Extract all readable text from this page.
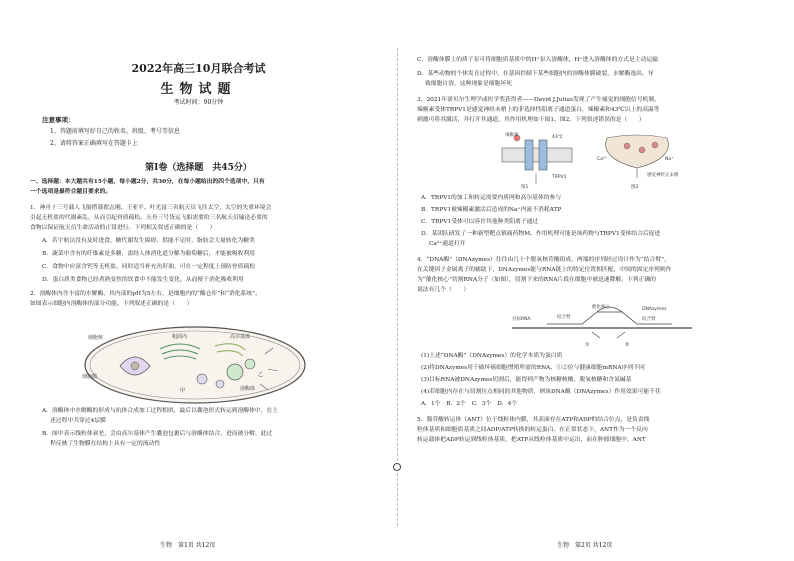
2022年高三10月联合考试
生物试题
考试时间：90分钟
注意事项：
1、答题前填写好自己的姓名、班级、考号等信息
2、请将答案正确填写在答题卡上
第Ⅰ卷（选择题　共45分）
一、选择题：本大题共有15小题，每小题2分，共30分，在每小题给出的四个选项中，只有
一个选项是最符合题目要求的。
1．神舟十三号载人飞船搭载翟志刚、王亚平、叶光富三名航天员飞往太空，太空的失重环境会
引起无机盐的代谢紊乱，从而引起骨质疏松。天舟三号货运飞船需要给三名航天员输送必要的
食物以保证航天员生命活动的正常进行。下列相关叙述正确的是（　　）
A．若宇航员没有及时进食，糖代谢发生障碍，供能不足时，脂肪会大量转化为糖类
B．蔬菜中含有的纤维素是多糖，需经人体消化道分解为葡萄糖后，才能被吸收利用
C．食物中应富含钙等无机盐，同时适当补充鱼肝油，可在一定程度上预防骨质疏松
D．蛋白质类食物已经煮熟变性的饮食中不能发生变化，从而便于消化吸收利用
2．溶酶体内含丰富的水解酶，其内部的pH为5左右，是细胞内的“酶仓库”和“消化系统”。
如图表示细胞内溶酶体的部分功能。下列叙述正确的是（　　）
细胞核
细胞膜
粗面内	高尔基体
溶酶体
甲
乙
A．溶酶体中水解酶的形成与抗体合成加工过程相似，最后以囊泡形式转运到溶酶体中，在上
述过程中共穿过4层膜
B．图中表示线粒体衰老，会由高尔基体产生囊泡包裹后与溶酶体结合，进而被分解，此过
程反映了生物膜在结构上具有一定的流动性
生物　第1页 共12页
C．溶酶体膜上的质子泵可将细胞质基质中的H⁺泵入溶酶体，H⁺进入溶酶体的方式是主动运输
D．某些动物的个体发育过程中，在基因控制下某些细胞内的溶酶体膜破裂，水解酶逸出，导
致细胞自溶，这种现象是细胞坏死
3．2021年诺贝尔生理学或医学奖获得者——David J.Julius发现了产生痛觉的细胞信号机制，
辣椒素受体TRPV1是感觉神经末梢上的非选择性阳离子通道蛋白，辣椒素和43℃以上的高温等
刺激可将其激活，并打开其通道，其作用机理如下图1、图2，下列叙述错误的是（　　）
辣椒素	43℃
TRPV1
图1
Ca²⁺	Na⁺
感觉神经元末梢
图2
A．TRPV1的加工和转运需要内质网和高尔基体的参与
B．TRPV1被辣椒素激活后造成的Na⁺内流不消耗ATP
C．TRPV1受体可以容许其他种类阳离子通过
D．某团队研发了一种新型靶点镇痛药物M，作用机理可能是该药物与TRPV1受体结合后促进
Ca²⁺通道打开
4．“DNA酶”（DNAzymes）往往由几十个脱氧核苷酸组成，两端的序列经过设计作为“结合臂”，
在关键因子金属离子的辅助下，DNAzymes能与RNA链上的特定位置相匹配，中间的固定序列则作
为“催化核心”切割RNA分子（如图），切割下来的RNA片段在细胞中被迅速降解。下列正确的
说法有几个（　　）
目标RNA	结合臂
DNAzymes
催化核心
结合臂
①	②
(1)上述“DNA酶”（DNAzymes）的化学本质为蛋白质
(2)将DNAzymes用于破坏癌细胞增殖所需的RNA，①②位与健康细胞mRNA序列不同
(3)目标RNA被DNAzymes切割后，能得到产物为核糖核酸、脱氧核糖和含氮碱基
(4)若细胞内存在与切割位点相同的其他物质，则该DNA酶（DNAzymes）作用效果可能不佳
A．1个　B．2个　C．3个　D．4个
5．腺苷酸转运体（ANT）位于线粒体内膜，其表面存在ATP和ADP的结合位点，是负责线
粒体基质和细胞质基质之间ADP/ATP转换的转运蛋白。在正常状态下，ANT作为一个反向
转运载体把ADP转运到线粒体基质，把ATP从线粒体基质中运出，而在肿瘤细胞中，ANT
生物　第2页 共12页
